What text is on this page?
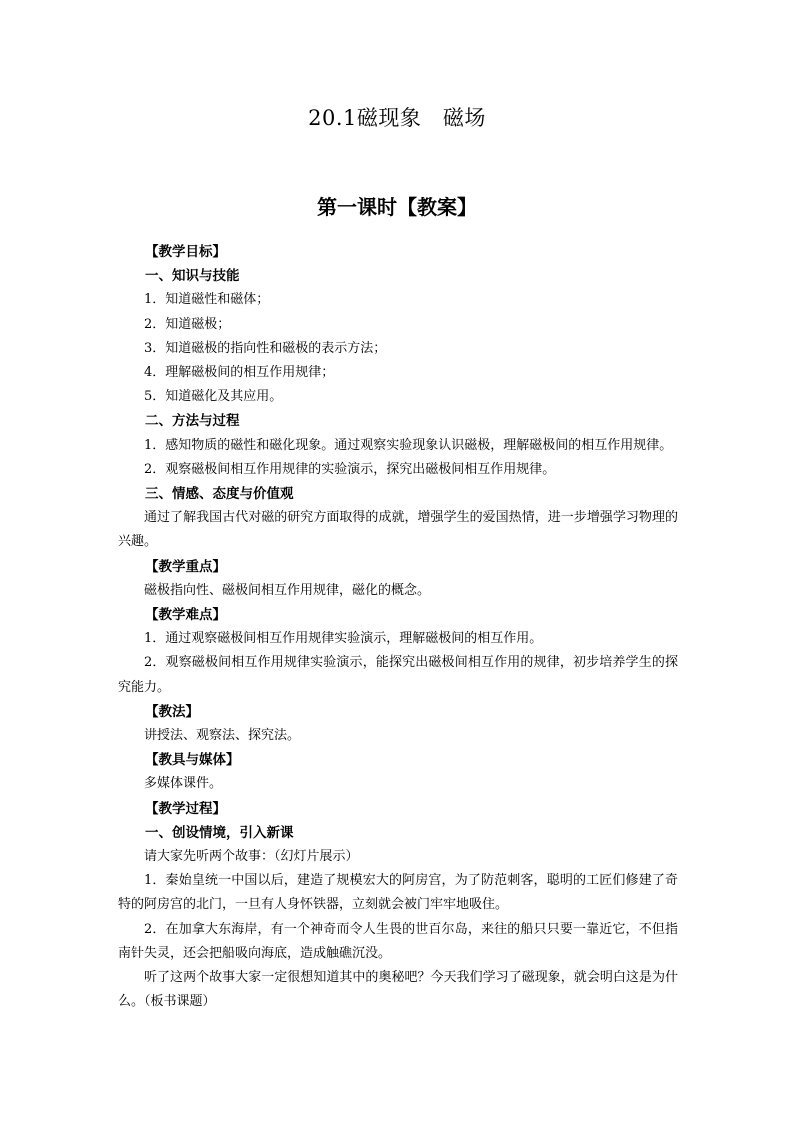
20.1磁现象　磁场
第一课时【教案】

【教学目标】

一、知识与技能

1．知道磁性和磁体；

2．知道磁极；

3．知道磁极的指向性和磁极的表示方法；

4．理解磁极间的相互作用规律；

5．知道磁化及其应用。

二、方法与过程

1．感知物质的磁性和磁化现象。通过观察实验现象认识磁极，理解磁极间的相互作用规律。

2．观察磁极间相互作用规律的实验演示，探究出磁极间相互作用规律。

三、情感、态度与价值观

通过了解我国古代对磁的研究方面取得的成就，增强学生的爱国热情，进一步增强学习物理的兴趣。

【教学重点】

磁极指向性、磁极间相互作用规律，磁化的概念。

【教学难点】

1．通过观察磁极间相互作用规律实验演示，理解磁极间的相互作用。

2．观察磁极间相互作用规律实验演示，能探究出磁极间相互作用的规律，初步培养学生的探究能力。

【教法】

讲授法、观察法、探究法。

【教具与媒体】

多媒体课件。

【教学过程】

一、创设情境，引入新课

请大家先听两个故事：（幻灯片展示）

1．秦始皇统一中国以后，建造了规模宏大的阿房宫，为了防范刺客，聪明的工匠们修建了奇特的阿房宫的北门，一旦有人身怀铁器，立刻就会被门牢牢地吸住。

2．在加拿大东海岸，有一个神奇而令人生畏的世百尔岛，来往的船只只要一靠近它，不但指南针失灵，还会把船吸向海底，造成触礁沉没。

听了这两个故事大家一定很想知道其中的奥秘吧？今天我们学习了磁现象，就会明白这是为什么。（板书课题）
